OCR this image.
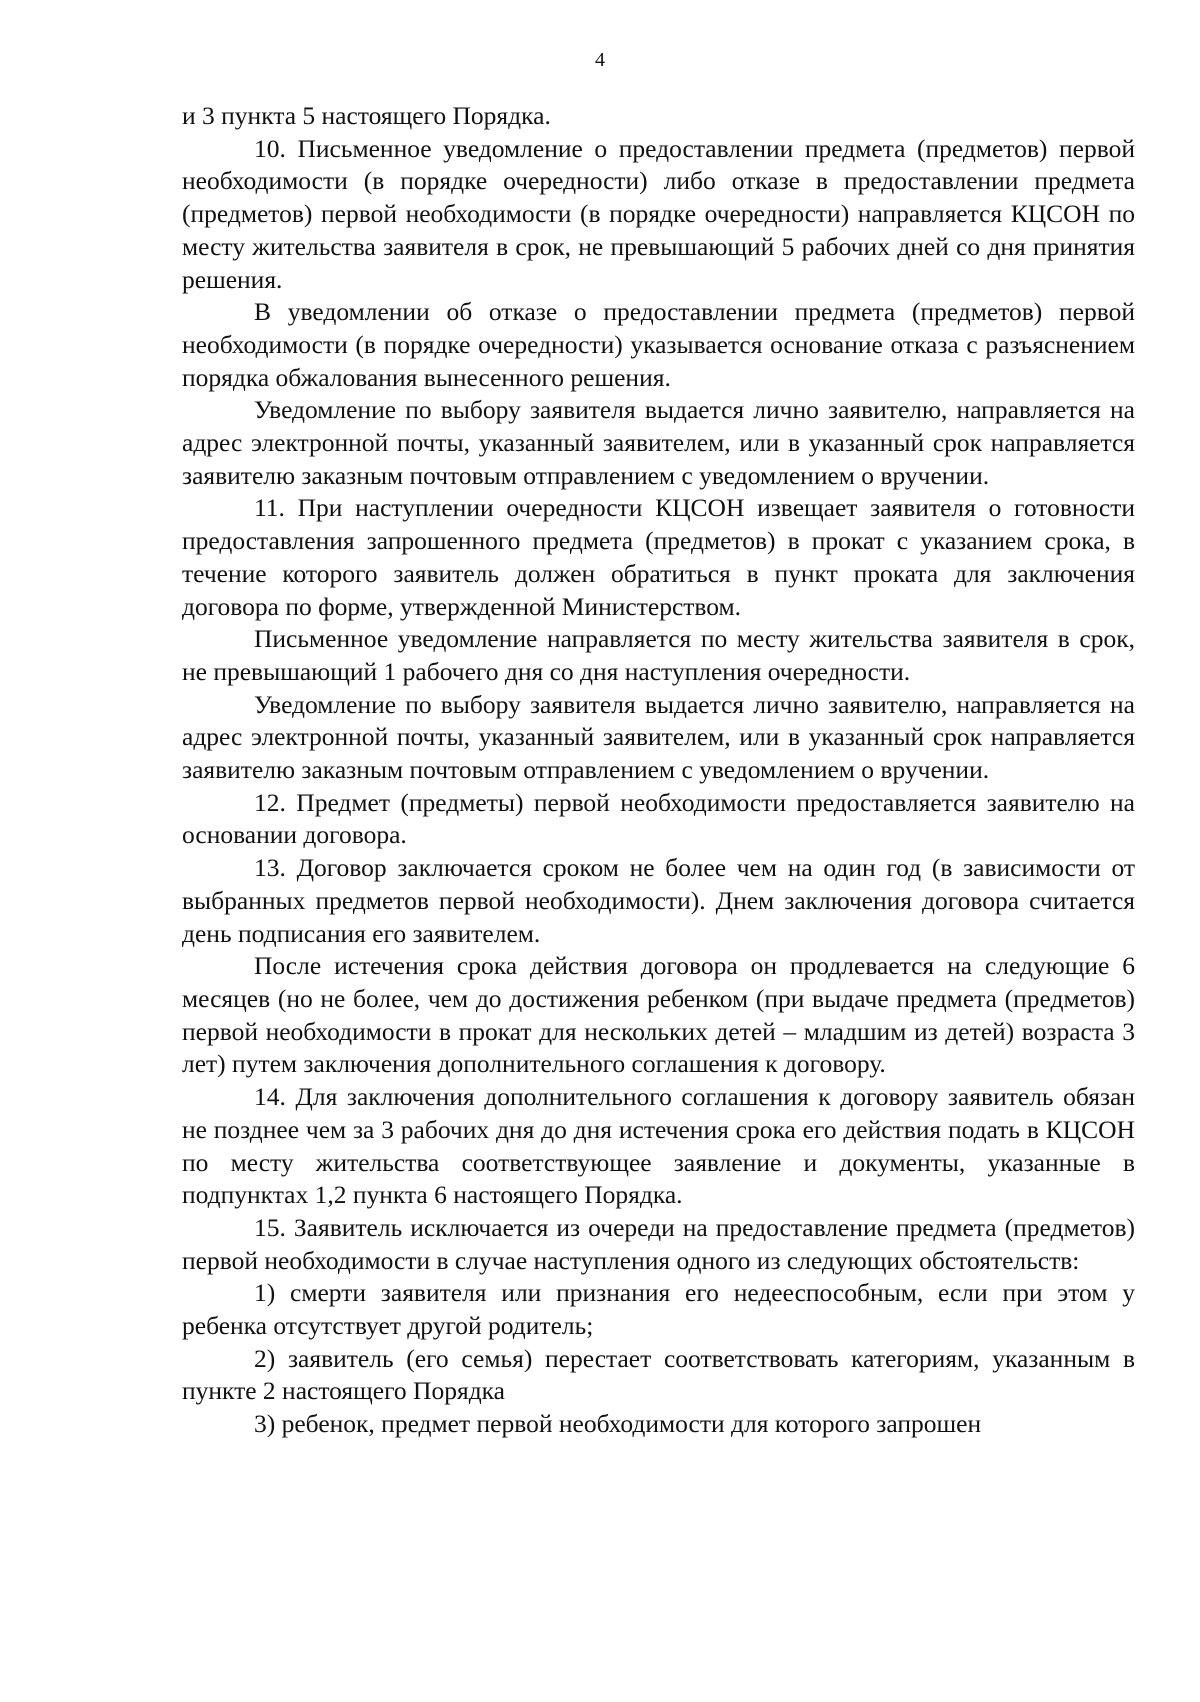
4

и 3 пункта 5 настоящего Порядка.

10. Письменное уведомление о предоставлении предмета (предметов) первой необходимости (в порядке очередности) либо отказе в предоставлении предмета (предметов) первой необходимости (в порядке очередности) направляется КЦСОН по месту жительства заявителя в срок, не превышающий 5 рабочих дней со дня принятия решения.

В уведомлении об отказе о предоставлении предмета (предметов) первой необходимости (в порядке очередности) указывается основание отказа с разъяснением порядка обжалования вынесенного решения.

Уведомление по выбору заявителя выдается лично заявителю, направляется на адрес электронной почты, указанный заявителем, или в указанный срок направляется заявителю заказным почтовым отправлением с уведомлением о вручении.

11. При наступлении очередности КЦСОН извещает заявителя о готовности предоставления запрошенного предмета (предметов) в прокат с указанием срока, в течение которого заявитель должен обратиться в пункт проката для заключения договора по форме, утвержденной Министерством.

Письменное уведомление направляется по месту жительства заявителя в срок, не превышающий 1 рабочего дня со дня наступления очередности.

Уведомление по выбору заявителя выдается лично заявителю, направляется на адрес электронной почты, указанный заявителем, или в указанный срок направляется заявителю заказным почтовым отправлением с уведомлением о вручении.

12. Предмет (предметы) первой необходимости предоставляется заявителю на основании договора.

13. Договор заключается сроком не более чем на один год (в зависимости от выбранных предметов первой необходимости). Днем заключения договора считается день подписания его заявителем.

После истечения срока действия договора он продлевается на следующие 6 месяцев (но не более, чем до достижения ребенком (при выдаче предмета (предметов) первой необходимости в прокат для нескольких детей – младшим из детей) возраста 3 лет) путем заключения дополнительного соглашения к договору.

14. Для заключения дополнительного соглашения к договору заявитель обязан не позднее чем за 3 рабочих дня до дня истечения срока его действия подать в КЦСОН по месту жительства соответствующее заявление и документы, указанные в подпунктах 1,2 пункта 6 настоящего Порядка.

15. Заявитель исключается из очереди на предоставление предмета (предметов) первой необходимости в случае наступления одного из следующих обстоятельств:

1) смерти заявителя или признания его недееспособным, если при этом у ребенка отсутствует другой родитель;

2) заявитель (его семья) перестает соответствовать категориям, указанным в пункте 2 настоящего Порядка

3) ребенок, предмет первой необходимости для которого запрошен
